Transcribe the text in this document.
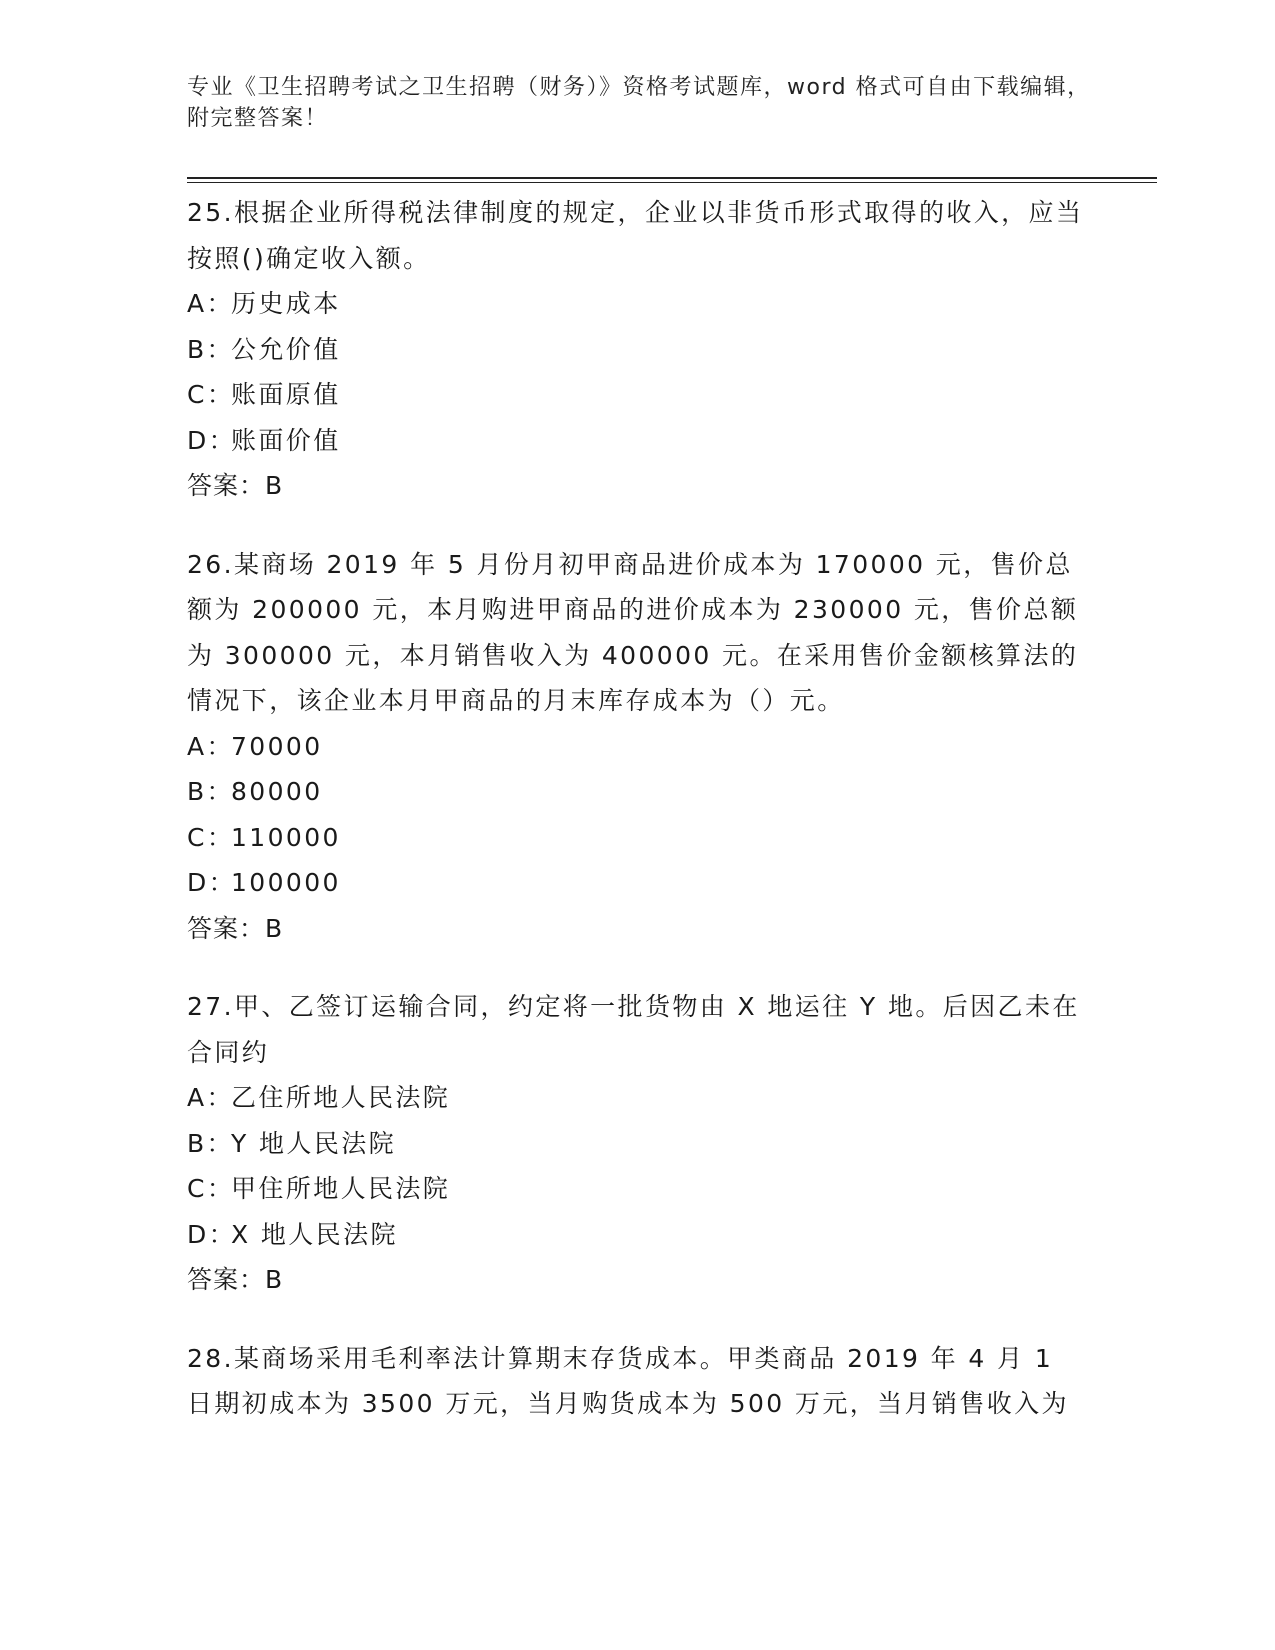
专业《卫生招聘考试之卫生招聘（财务）》资格考试题库，word 格式可自由下载编辑，附完整答案！

25.根据企业所得税法律制度的规定，企业以非货币形式取得的收入，应当按照()确定收入额。

A：历史成本

B：公允价值

C：账面原值

D：账面价值

答案：B

26.某商场 2019 年 5 月份月初甲商品进价成本为 170000 元，售价总额为 200000 元，本月购进甲商品的进价成本为 230000 元，售价总额为 300000 元，本月销售收入为 400000 元。在采用售价金额核算法的情况下，该企业本月甲商品的月末库存成本为（）元。

A：70000

B：80000

C：110000

D：100000

答案：B

27.甲、乙签订运输合同，约定将一批货物由 X 地运往 Y 地。后因乙未在合同约

A：乙住所地人民法院

B：Y 地人民法院

C：甲住所地人民法院

D：X 地人民法院

答案：B

28.某商场采用毛利率法计算期末存货成本。甲类商品 2019 年 4 月 1 日期初成本为 3500 万元，当月购货成本为 500 万元，当月销售收入为
